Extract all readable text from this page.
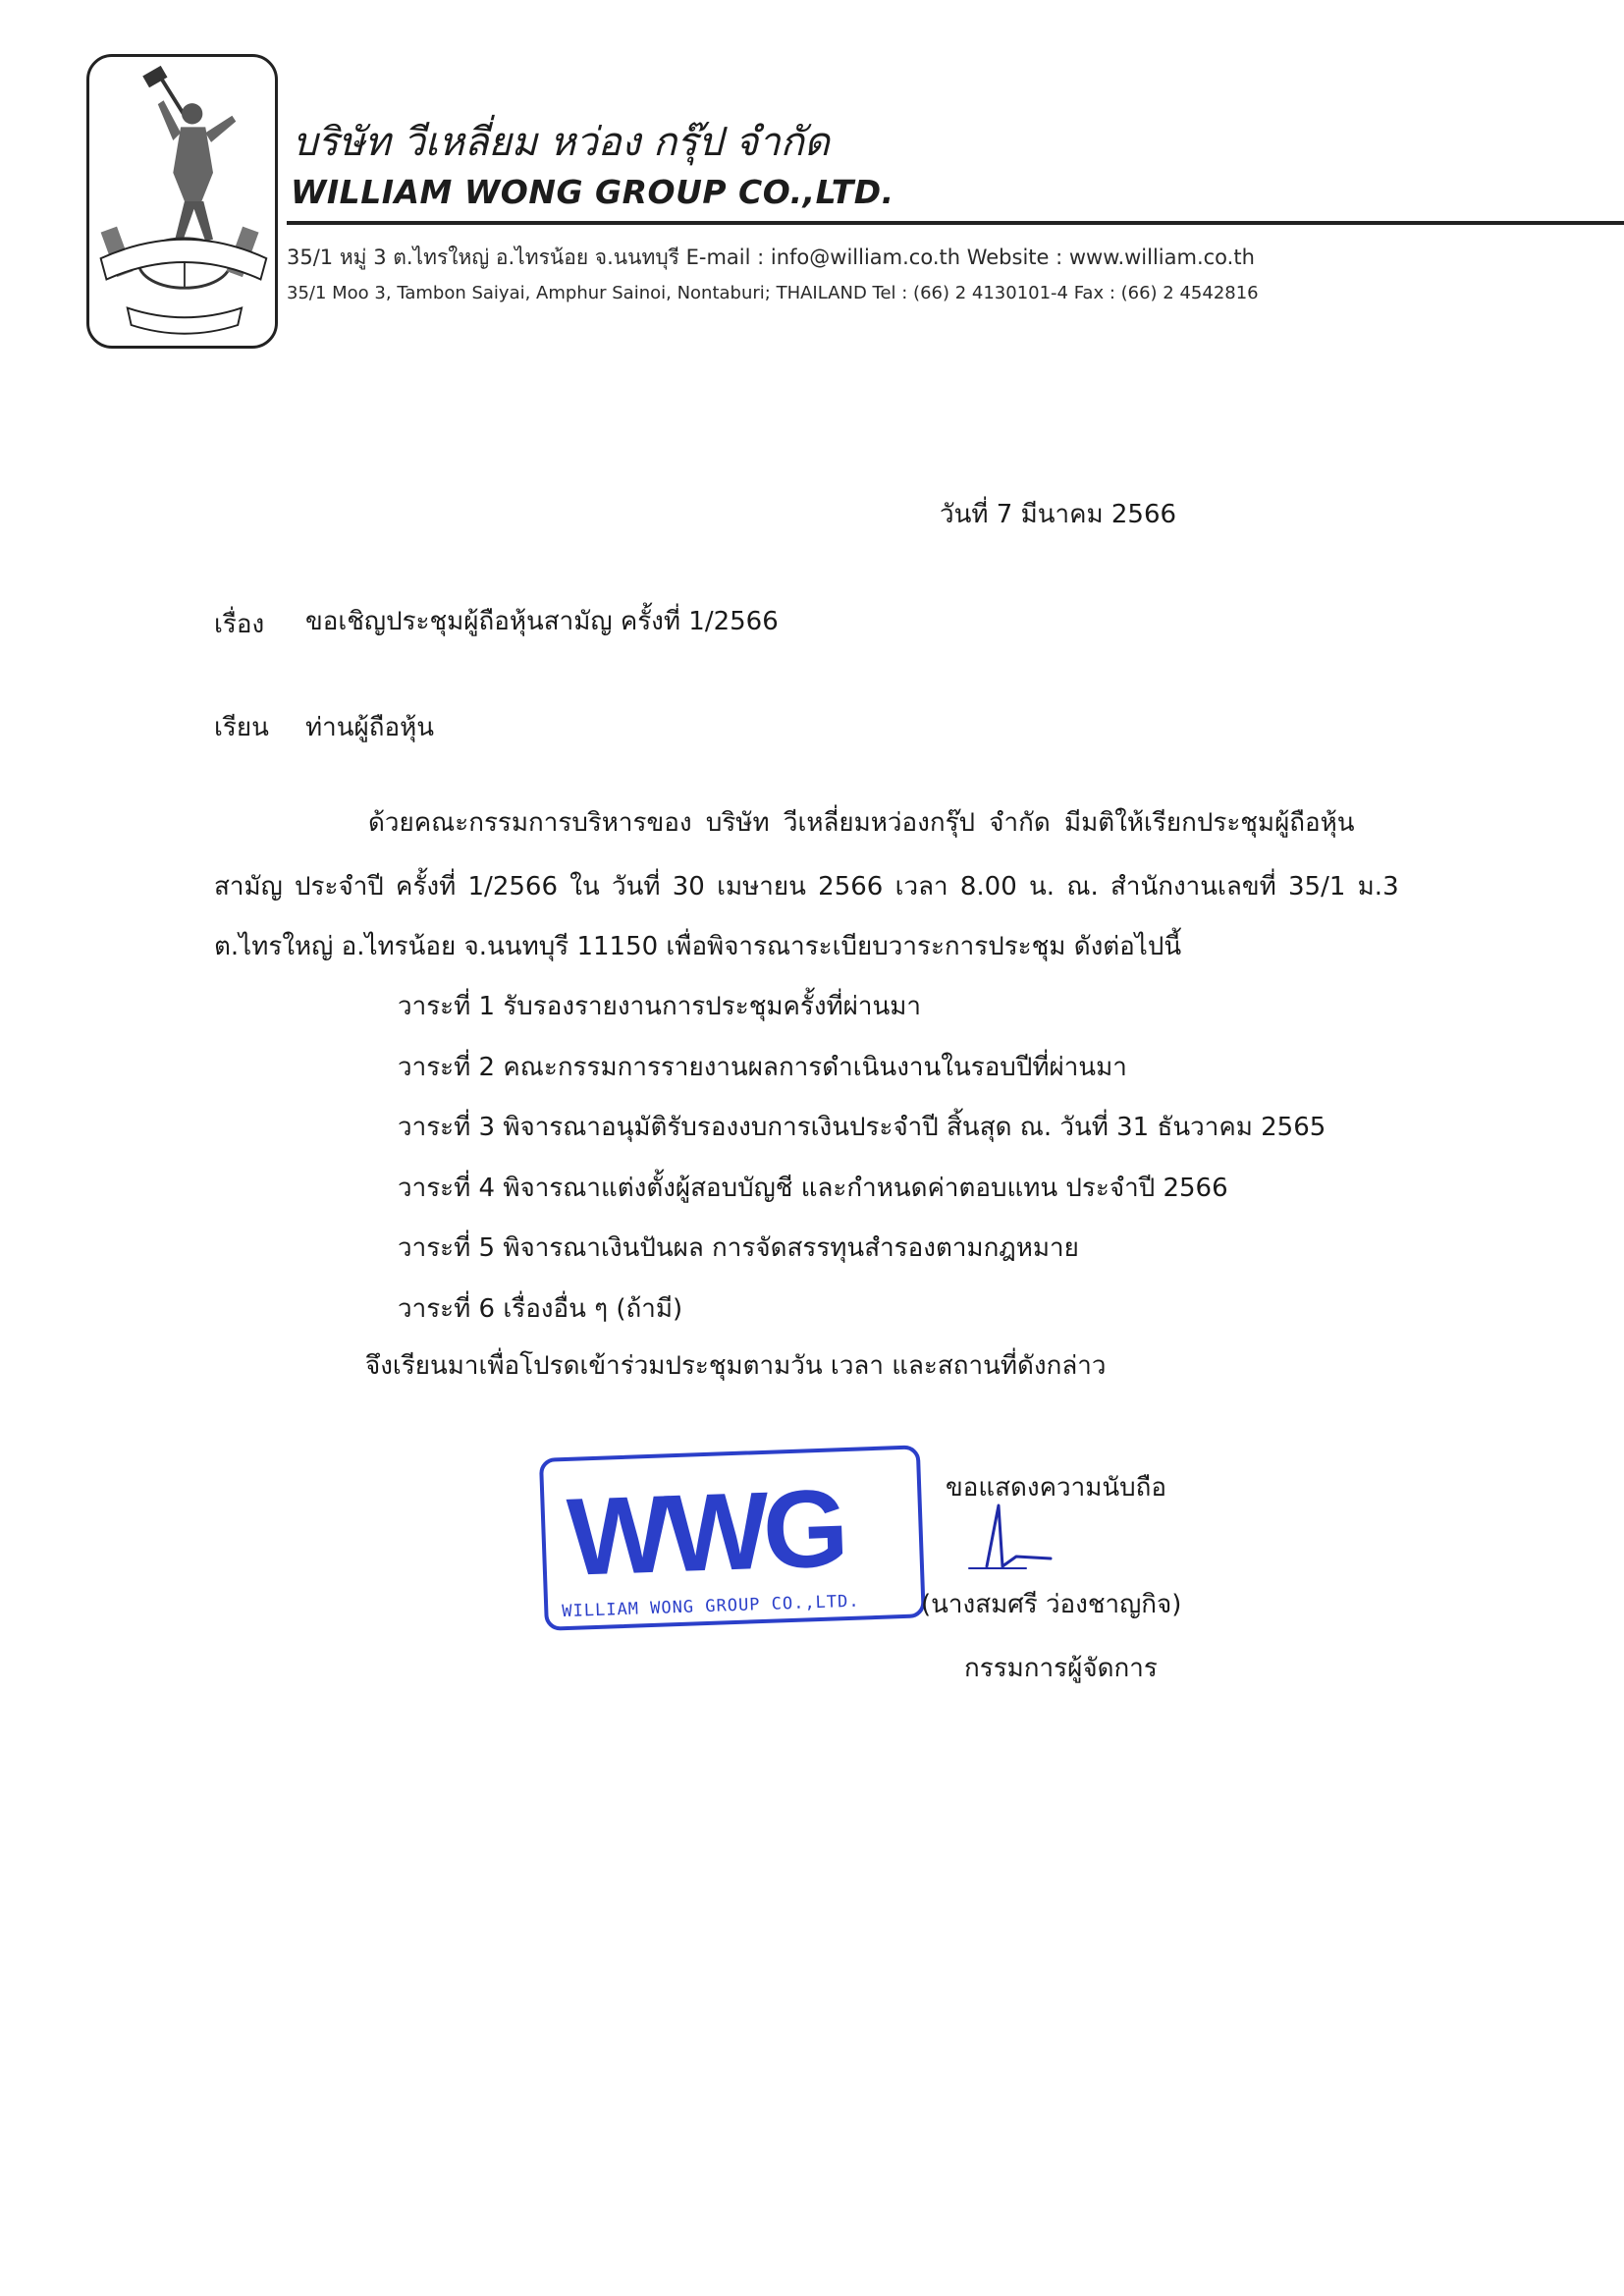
บริษัท วีเหลี่ยม หว่อง กรุ๊ป จำกัด
WILLIAM WONG GROUP CO.,LTD.
35/1 หมู่ 3 ต.ไทรใหญ่ อ.ไทรน้อย จ.นนทบุรี E-mail : info@william.co.th Website : www.william.co.th
35/1 Moo 3, Tambon Saiyai, Amphur Sainoi, Nontaburi; THAILAND Tel : (66) 2 4130101-4 Fax : (66) 2 4542816
วันที่ 7 มีนาคม 2566
เรื่อง ขอเชิญประชุมผู้ถือหุ้นสามัญ ครั้งที่ 1/2566
เรียน ท่านผู้ถือหุ้น
ด้วยคณะกรรมการบริหารของ บริษัท วีเหลี่ยมหว่องกรุ๊ป จำกัด มีมติให้เรียกประชุมผู้ถือหุ้น
สามัญ ประจำปี ครั้งที่ 1/2566 ใน วันที่ 30 เมษายน 2566 เวลา 8.00 น. ณ. สำนักงานเลขที่ 35/1 ม.3
ต.ไทรใหญ่ อ.ไทรน้อย จ.นนทบุรี 11150 เพื่อพิจารณาระเบียบวาระการประชุม ดังต่อไปนี้
วาระที่ 1 รับรองรายงานการประชุมครั้งที่ผ่านมา
วาระที่ 2 คณะกรรมการรายงานผลการดำเนินงานในรอบปีที่ผ่านมา
วาระที่ 3 พิจารณาอนุมัติรับรองงบการเงินประจำปี สิ้นสุด ณ. วันที่ 31 ธันวาคม 2565
วาระที่ 4 พิจารณาแต่งตั้งผู้สอบบัญชี และกำหนดค่าตอบแทน ประจำปี 2566
วาระที่ 5 พิจารณาเงินปันผล การจัดสรรทุนสำรองตามกฎหมาย
วาระที่ 6 เรื่องอื่น ๆ (ถ้ามี)
จึงเรียนมาเพื่อโปรดเข้าร่วมประชุมตามวัน เวลา และสถานที่ดังกล่าว
WWG
WILLIAM WONG GROUP CO.,LTD.
ขอแสดงความนับถือ
(นางสมศรี ว่องชาญกิจ)
กรรมการผู้จัดการ
